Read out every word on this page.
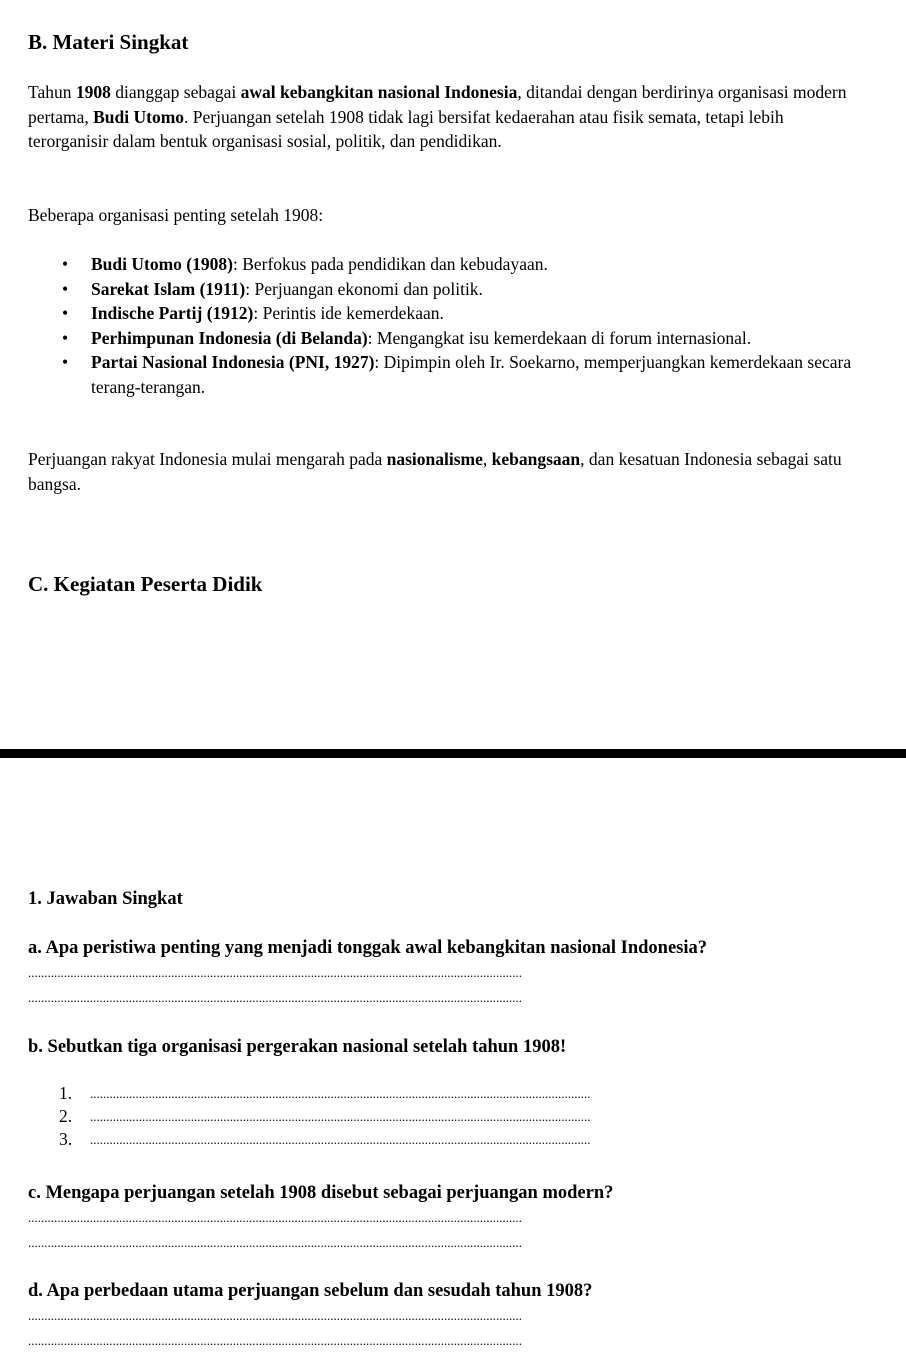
B. Materi Singkat

Tahun 1908 dianggap sebagai awal kebangkitan nasional Indonesia, ditandai dengan berdirinya organisasi modern pertama, Budi Utomo. Perjuangan setelah 1908 tidak lagi bersifat kedaerahan atau fisik semata, tetapi lebih terorganisir dalam bentuk organisasi sosial, politik, dan pendidikan.

Beberapa organisasi penting setelah 1908:

• Budi Utomo (1908): Berfokus pada pendidikan dan kebudayaan.
• Sarekat Islam (1911): Perjuangan ekonomi dan politik.
• Indische Partij (1912): Perintis ide kemerdekaan.
• Perhimpunan Indonesia (di Belanda): Mengangkat isu kemerdekaan di forum internasional.
• Partai Nasional Indonesia (PNI, 1927): Dipimpin oleh Ir. Soekarno, memperjuangkan kemerdekaan secara terang-terangan.

Perjuangan rakyat Indonesia mulai mengarah pada nasionalisme, kebangsaan, dan kesatuan Indonesia sebagai satu bangsa.

C. Kegiatan Peserta Didik
1. Jawaban Singkat
a. Apa peristiwa penting yang menjadi tonggak awal kebangkitan nasional Indonesia?
........................................................................................................................................................
........................................................................................................................................................
b. Sebutkan tiga organisasi pergerakan nasional setelah tahun 1908!
1.	..........................................................................................................................................................
2.	..........................................................................................................................................................
3.	..........................................................................................................................................................
c. Mengapa perjuangan setelah 1908 disebut sebagai perjuangan modern?
........................................................................................................................................................
........................................................................................................................................................
d. Apa perbedaan utama perjuangan sebelum dan sesudah tahun 1908?
........................................................................................................................................................
........................................................................................................................................................
